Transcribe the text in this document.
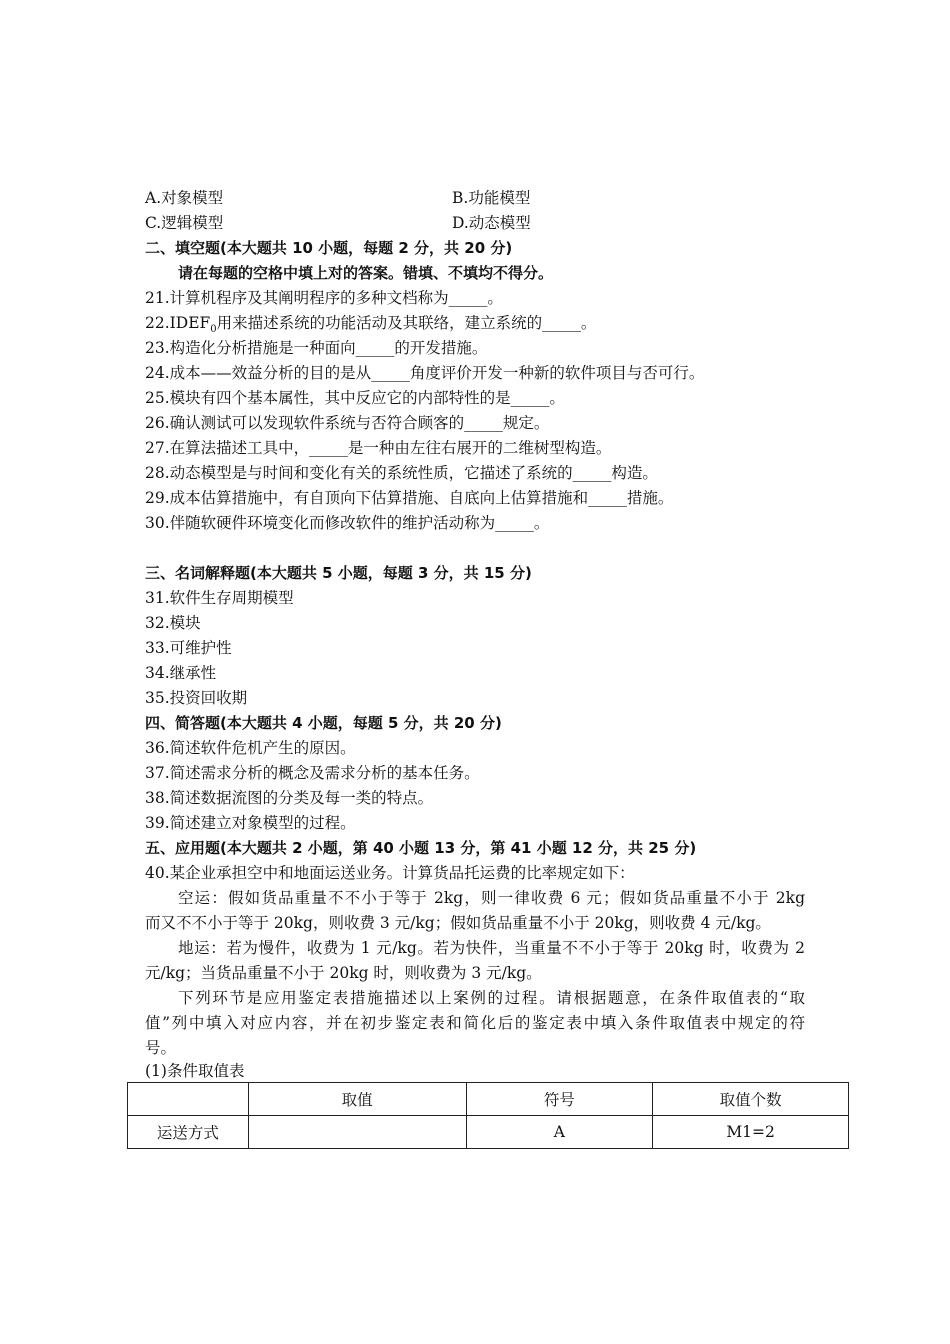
A.对象模型	B.功能模型
C.逻辑模型	D.动态模型
二、填空题(本大题共 10 小题，每题 2 分，共 20 分)
请在每题的空格中填上对的答案。错填、不填均不得分。
21.计算机程序及其阐明程序的多种文档称为_____。
$22.IDEF_0$用来描述系统的功能活动及其联络，建立系统的_____。
23.构造化分析措施是一种面向_____的开发措施。
24.成本——效益分析的目的是从_____角度评价开发一种新的软件项目与否可行。
25.模块有四个基本属性，其中反应它的内部特性的是_____。
26.确认测试可以发现软件系统与否符合顾客的_____规定。
27.在算法描述工具中，_____是一种由左往右展开的二维树型构造。
28.动态模型是与时间和变化有关的系统性质，它描述了系统的_____构造。
29.成本估算措施中，有自顶向下估算措施、自底向上估算措施和_____措施。
30.伴随软硬件环境变化而修改软件的维护活动称为_____。
三、名词解释题(本大题共 5 小题，每题 3 分，共 15 分)
31.软件生存周期模型
32.模块
33.可维护性
34.继承性
35.投资回收期
四、简答题(本大题共 4 小题，每题 5 分，共 20 分)
36.简述软件危机产生的原因。
37.简述需求分析的概念及需求分析的基本任务。
38.简述数据流图的分类及每一类的特点。
39.简述建立对象模型的过程。
五、应用题(本大题共 2 小题，第 40 小题 13 分，第 41 小题 12 分，共 25 分)
40.某企业承担空中和地面运送业务。计算货品托运费的比率规定如下：
空运：假如货品重量不不小于等于 2kg，则一律收费 6 元；假如货品重量不小于 2kg
而又不不小于等于 20kg，则收费 3 元/kg；假如货品重量不小于 20kg，则收费 4 元/kg。
地运：若为慢件，收费为 1 元/kg。若为快件，当重量不不小于等于 20kg 时，收费为 2
元/kg；当货品重量不小于 20kg 时，则收费为 3 元/kg。
下列环节是应用鉴定表措施描述以上案例的过程。请根据题意，在条件取值表的“取
值”列中填入对应内容，并在初步鉴定表和简化后的鉴定表中填入条件取值表中规定的符
号。
(1)条件取值表
	取值	符号	取值个数
运送方式		A	M1=2
